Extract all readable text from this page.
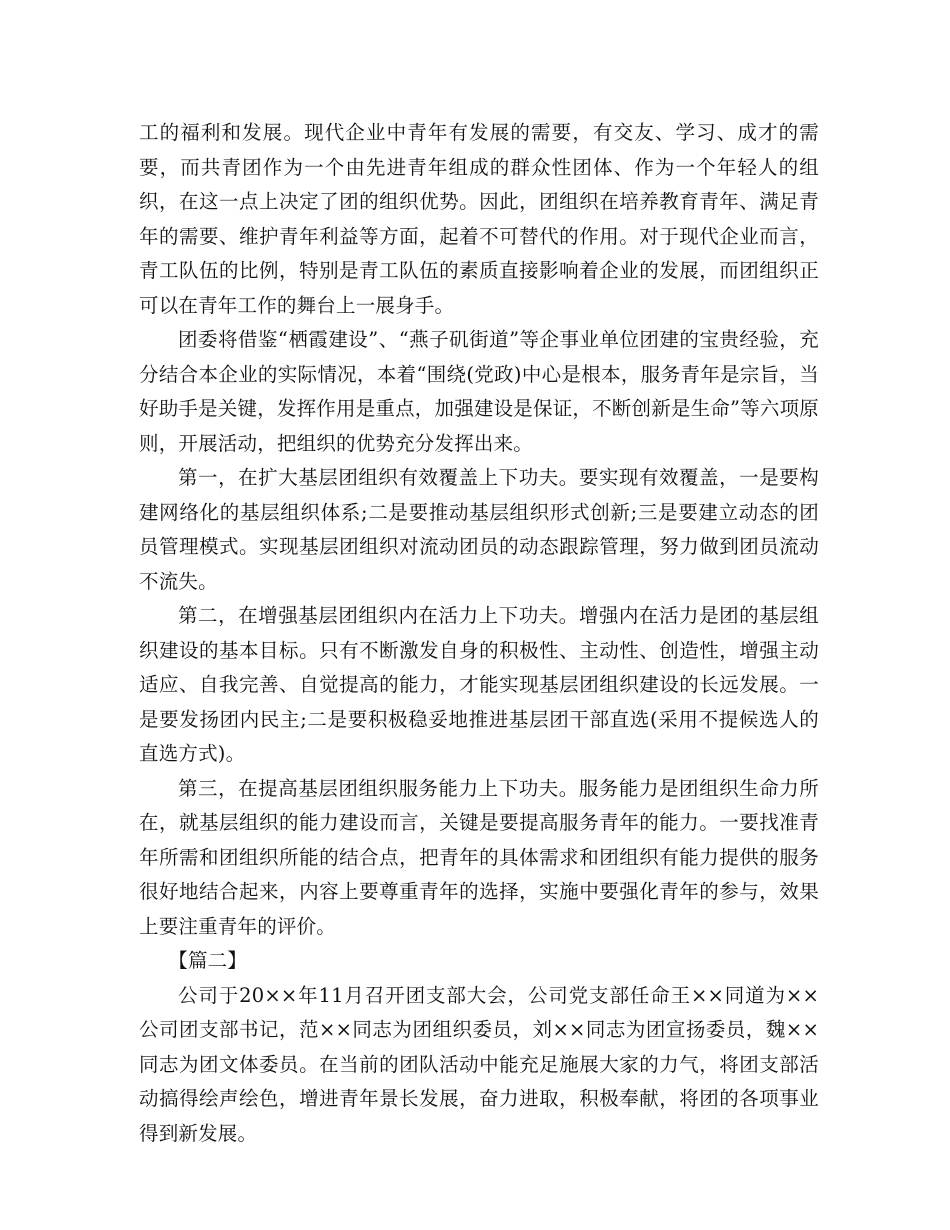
工的福利和发展。现代企业中青年有发展的需要，有交友、学习、成才的需要，而共青团作为一个由先进青年组成的群众性团体、作为一个年轻人的组织，在这一点上决定了团的组织优势。因此，团组织在培养教育青年、满足青年的需要、维护青年利益等方面，起着不可替代的作用。对于现代企业而言，青工队伍的比例，特别是青工队伍的素质直接影响着企业的发展，而团组织正可以在青年工作的舞台上一展身手。

团委将借鉴“栖霞建设”、“燕子矶街道”等企事业单位团建的宝贵经验，充分结合本企业的实际情况，本着“围绕(党政)中心是根本，服务青年是宗旨，当好助手是关键，发挥作用是重点，加强建设是保证，不断创新是生命”等六项原则，开展活动，把组织的优势充分发挥出来。

第一，在扩大基层团组织有效覆盖上下功夫。要实现有效覆盖，一是要构建网络化的基层组织体系;二是要推动基层组织形式创新;三是要建立动态的团员管理模式。实现基层团组织对流动团员的动态跟踪管理，努力做到团员流动不流失。

第二，在增强基层团组织内在活力上下功夫。增强内在活力是团的基层组织建设的基本目标。只有不断激发自身的积极性、主动性、创造性，增强主动适应、自我完善、自觉提高的能力，才能实现基层团组织建设的长远发展。一是要发扬团内民主;二是要积极稳妥地推进基层团干部直选(采用不提候选人的直选方式)。

第三，在提高基层团组织服务能力上下功夫。服务能力是团组织生命力所在，就基层组织的能力建设而言，关键是要提高服务青年的能力。一要找准青年所需和团组织所能的结合点，把青年的具体需求和团组织有能力提供的服务很好地结合起来，内容上要尊重青年的选择，实施中要强化青年的参与，效果上要注重青年的评价。

【篇二】

公司于20××年11月召开团支部大会，公司党支部任命王××同道为××公司团支部书记，范××同志为团组织委员，刘××同志为团宣扬委员，魏××同志为团文体委员。在当前的团队活动中能充足施展大家的力气，将团支部活动搞得绘声绘色，增进青年景长发展，奋力进取，积极奉献，将团的各项事业得到新发展。
